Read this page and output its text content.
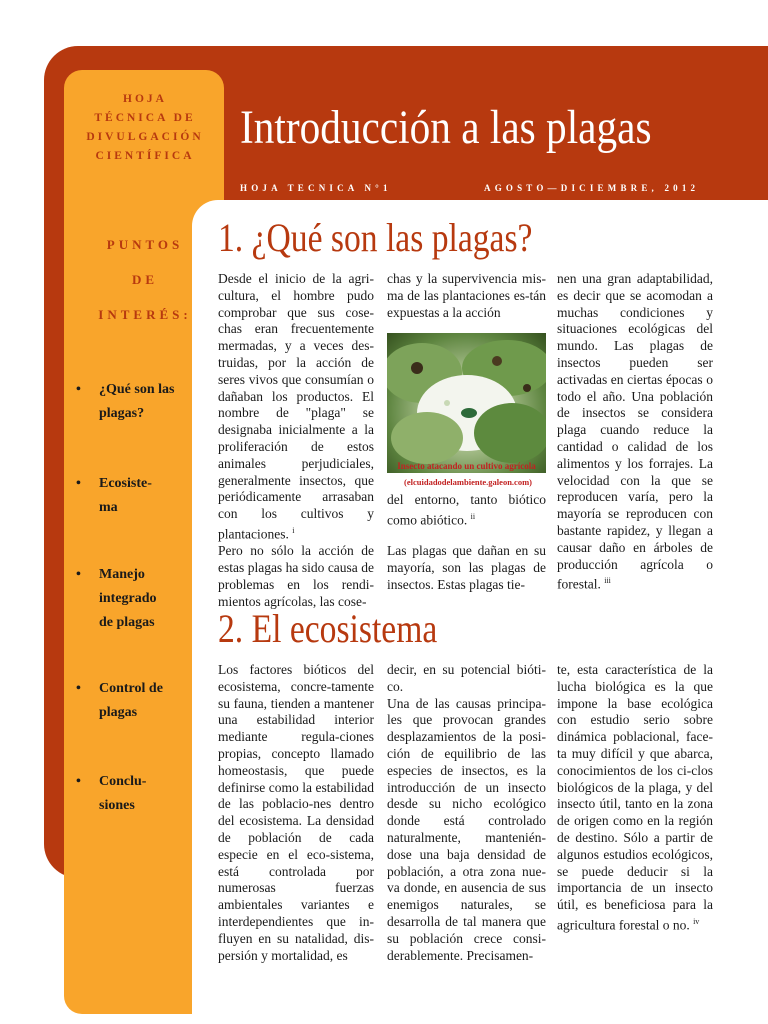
HOJA
TÉCNICA DE
DIVULGACIÓN
CIENTÍFICA
Introducción a las plagas
HOJA TECNICA N°1	AGOSTO—DICIEMBRE, 2012
PUNTOS
DE
INTERÉS:
• ¿Qué son las plagas?
• Ecosiste-ma
• Manejo integrado de plagas
• Control de plagas
• Conclu-siones
1. ¿Qué son las plagas?

Desde el inicio de la agri-cultura, el hombre pudo comprobar que sus cose-chas eran frecuentemente mermadas, y a veces des-truidas, por la acción de seres vivos que consumían o dañaban los productos. El nombre de "plaga" se designaba inicialmente a la proliferación de estos animales perjudiciales, generalmente insectos, que periódicamente arrasaban con los cultivos y plantaciones. $^i$

Pero no sólo la acción de estas plagas ha sido causa de problemas en los rendi-mientos agrícolas, las cose-

chas y la supervivencia mis-ma de las plantaciones es-tán expuestas a la acción
Insecto atacando un cultivo agrícola
(elcuidadodelambiente.galeon.com)

del entorno, tanto biótico como abiótico. $^{ii}$

Las plagas que dañan en su mayoría, son las plagas de insectos. Estas plagas tie-

nen una gran adaptabilidad, es decir que se acomodan a muchas condiciones y situaciones ecológicas del mundo. Las plagas de insectos pueden ser activadas en ciertas épocas o todo el año. Una población de insectos se considera plaga cuando reduce la cantidad o calidad de los alimentos y los forrajes. La velocidad con la que se reproducen varía, pero la mayoría se reproducen con bastante rapidez, y llegan a causar daño en árboles de producción agrícola o forestal. $^{iii}$

2. El ecosistema
Los factores bióticos del ecosistema, concre-tamente su fauna, tienden a mantener una estabilidad interior mediante regula-ciones propias, concepto llamado homeostasis, que puede definirse como la estabilidad de las poblacio-nes dentro del ecosistema. La densidad de población de cada especie en el eco-sistema, está controlada por numerosas fuerzas ambientales variantes e interdependientes que in-fluyen en su natalidad, dis-persión y mortalidad, es

decir, en su potencial bióti-co.

Una de las causas principa-les que provocan grandes desplazamientos de la posi-ción de equilibrio de las especies de insectos, es la introducción de un insecto desde su nicho ecológico donde está controlado naturalmente, mantenién-dose una baja densidad de población, a otra zona nue-va donde, en ausencia de sus enemigos naturales, se desarrolla de tal manera que su población crece consi-derablemente. Precisamen-

te, esta característica de la lucha biológica es la que impone la base ecológica con estudio serio sobre dinámica poblacional, face-ta muy difícil y que abarca, conocimientos de los ci-clos biológicos de la plaga, y del insecto útil, tanto en la zona de origen como en la región de destino. Sólo a partir de algunos estudios ecológicos, se puede deducir si la importancia de un insecto útil, es beneficiosa para la agricultura forestal o no. $^{iv}$
